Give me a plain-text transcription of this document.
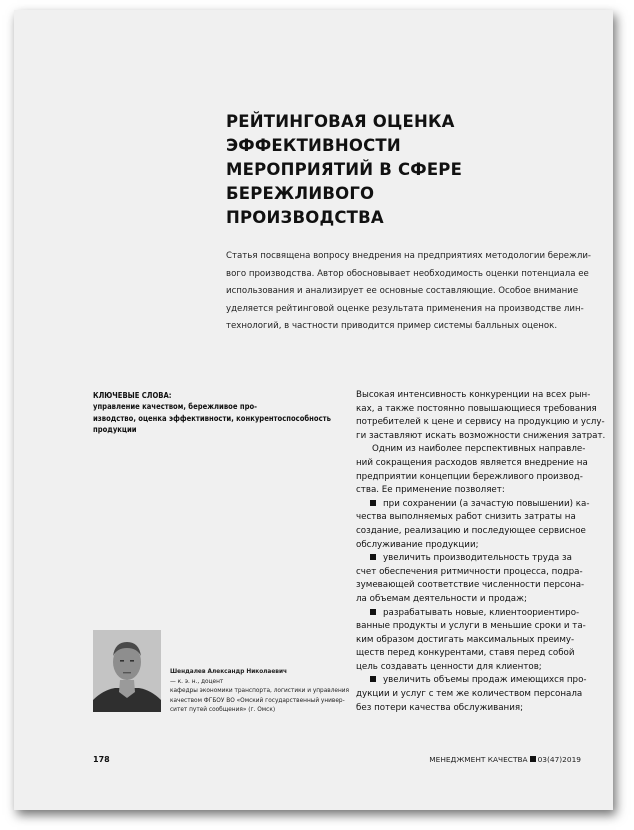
РЕЙТИНГОВАЯ ОЦЕНКА ЭФФЕКТИВНОСТИ
МЕРОПРИЯТИЙ В СФЕРЕ БЕРЕЖЛИВОГО
ПРОИЗВОДСТВА
Статья посвящена вопросу внедрения на предприятиях методологии бережли-
вого производства. Автор обосновывает необходимость оценки потенциала ее
использования и анализирует ее основные составляющие. Особое внимание
уделяется рейтинговой оценке результата применения на производстве лин-
технологий, в частности приводится пример системы балльных оценок.
КЛЮЧЕВЫЕ СЛОВА:
управление качеством, бережливое про-
изводство, оценка эффективности, конкурентоспособность
продукции
Высокая интенсивность конкуренции на всех рын-
ках, а также постоянно повышающиеся требования
потребителей к цене и сервису на продукцию и услу-
ги заставляют искать возможности снижения затрат.
Одним из наиболее перспективных направле-
ний сокращения расходов является внедрение на
предприятии концепции бережливого производ-
ства. Ее применение позволяет:
при сохранении (а зачастую повышении) ка-
чества выполняемых работ снизить затраты на
создание, реализацию и последующее сервисное
обслуживание продукции;
увеличить производительность труда за
счет обеспечения ритмичности процесса, подра-
зумевающей соответствие численности персона-
ла объемам деятельности и продаж;
разрабатывать новые, клиентоориентиро-
ванные продукты и услуги в меньшие сроки и та-
ким образом достигать максимальных преиму-
ществ перед конкурентами, ставя перед собой
цель создавать ценности для клиентов;
увеличить объемы продаж имеющихся про-
дукции и услуг с тем же количеством персонала
без потери качества обслуживания;
Шендалев Александр Николаевич
— к. э. н., доцент
кафедры экономики транспорта, логистики и управления
качеством ФГБОУ ВО «Омский государственный универ-
ситет путей сообщения» (г. Омск)
178	МЕНЕДЖМЕНТ КАЧЕСТВА 03(47)2019
